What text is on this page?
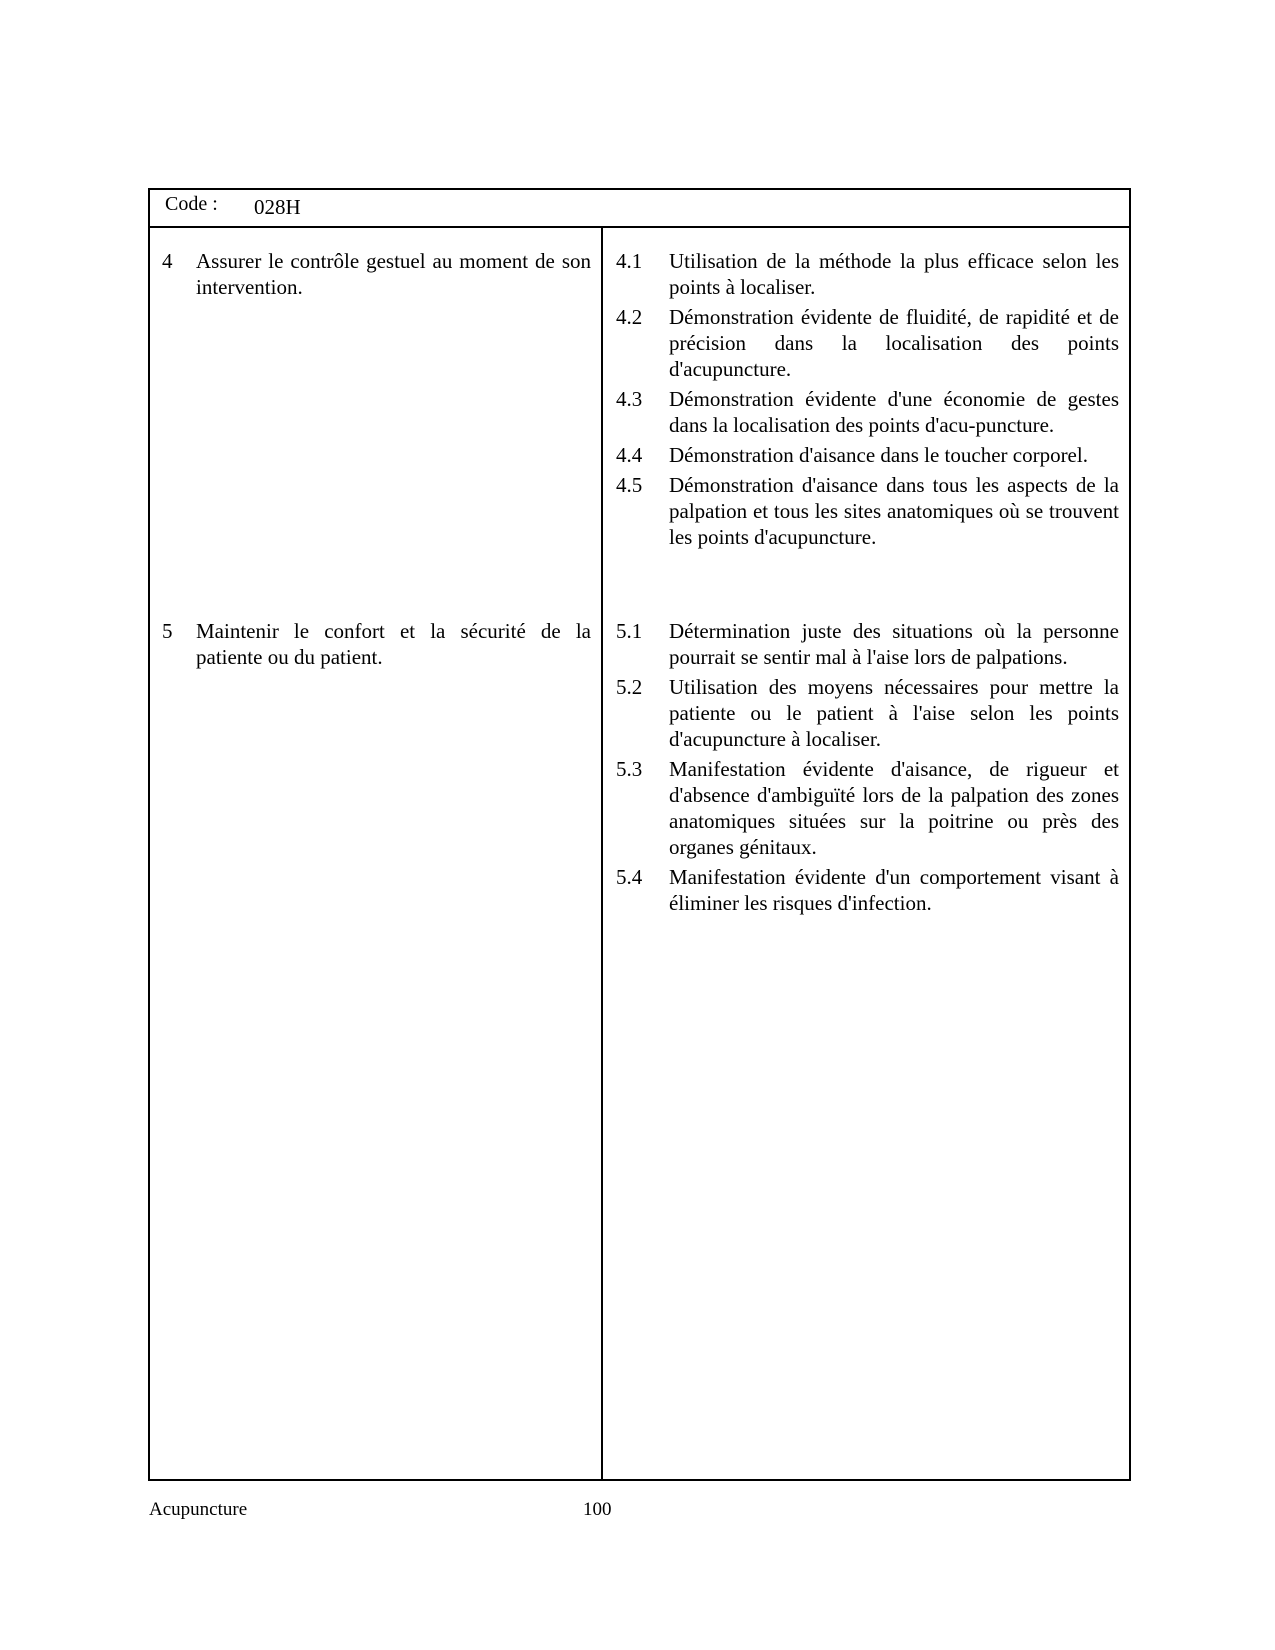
Code : 028H
4 Assurer le contrôle gestuel au moment de son intervention.
5 Maintenir le confort et la sécurité de la patiente ou du patient.
4.1 Utilisation de la méthode la plus efficace selon les points à localiser.
4.2 Démonstration évidente de fluidité, de rapidité et de précision dans la localisation des points d'acupuncture.
4.3 Démonstration évidente d'une économie de gestes dans la localisation des points d'acu-puncture.
4.4 Démonstration d'aisance dans le toucher corporel.
4.5 Démonstration d'aisance dans tous les aspects de la palpation et tous les sites anatomiques où se trouvent les points d'acupuncture.
5.1 Détermination juste des situations où la personne pourrait se sentir mal à l'aise lors de palpations.
5.2 Utilisation des moyens nécessaires pour mettre la patiente ou le patient à l'aise selon les points d'acupuncture à localiser.
5.3 Manifestation évidente d'aisance, de rigueur et d'absence d'ambiguïté lors de la palpation des zones anatomiques situées sur la poitrine ou près des organes génitaux.
5.4 Manifestation évidente d'un comportement visant à éliminer les risques d'infection.
Acupuncture	100
